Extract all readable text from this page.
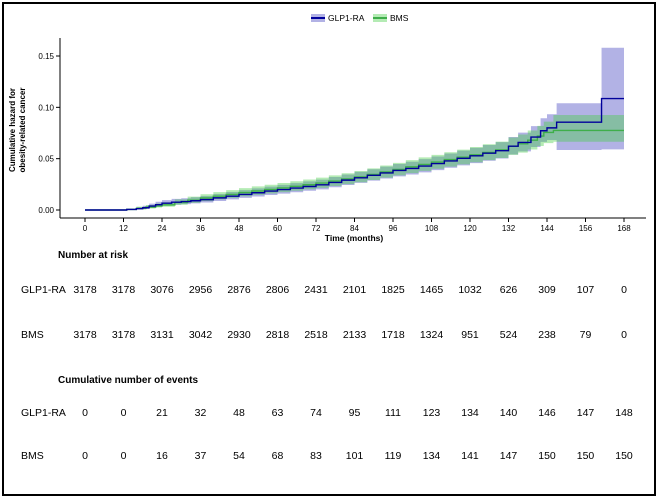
0.00
0.05
0.10
0.15
0	12	24	36	48	60	72	84	96	108	120	132	144	156	168
Time (months)
Cumulative hazard for obesity-related cancer
GLP1-RA	BMS
Number at risk
GLP1-RA 3178	3178	3076	2956	2876	2806	2431	2101	1825	1465	1032	626	309	107	0
BMS	3178	3178	3131	3042	2930	2818	2518	2133	1718	1324	951	524	238	79	0
Cumulative number of events
GLP1-RA	0	0	21	32	48	63	74	95	111	123	134	140	146	147	148
BMS	0	0	16	37	54	68	83	101	119	134	141	147	150	150	150
